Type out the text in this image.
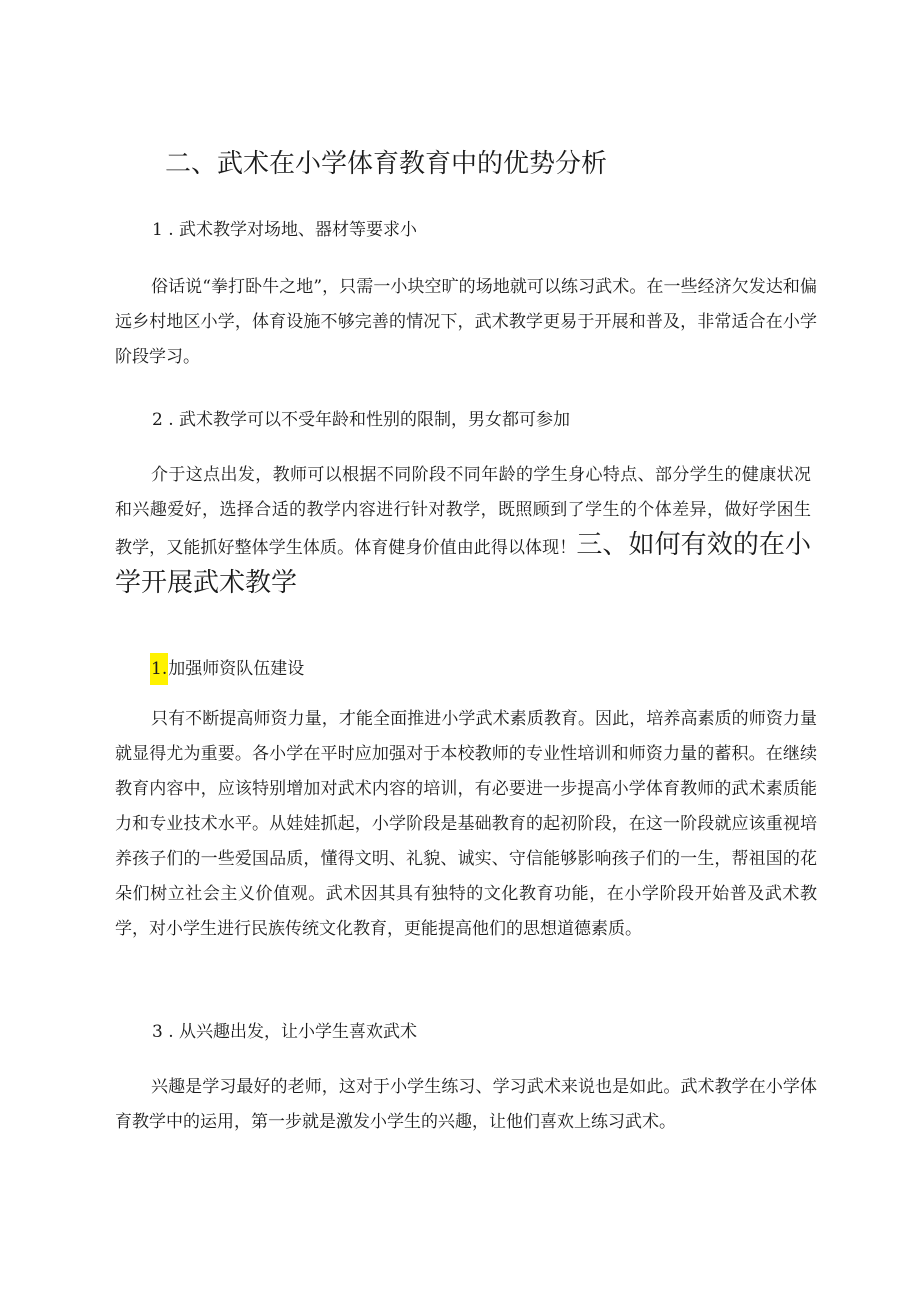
二、武术在小学体育教育中的优势分析

1 . 武术教学对场地、器材等要求小

俗话说“拳打卧牛之地”，只需一小块空旷的场地就可以练习武术。在一些经济欠发达和偏远乡村地区小学，体育设施不够完善的情况下，武术教学更易于开展和普及，非常适合在小学阶段学习。

2 . 武术教学可以不受年龄和性别的限制，男女都可参加

介于这点出发，教师可以根据不同阶段不同年龄的学生身心特点、部分学生的健康状况和兴趣爱好，选择合适的教学内容进行针对教学，既照顾到了学生的个体差异，做好学困生教学，又能抓好整体学生体质。体育健身价值由此得以体现！三、如何有效的在小学开展武术教学

1.加强师资队伍建设

只有不断提高师资力量，才能全面推进小学武术素质教育。因此，培养高素质的师资力量就显得尤为重要。各小学在平时应加强对于本校教师的专业性培训和师资力量的蓄积。在继续教育内容中，应该特别增加对武术内容的培训，有必要进一步提高小学体育教师的武术素质能力和专业技术水平。从娃娃抓起，小学阶段是基础教育的起初阶段，在这一阶段就应该重视培养孩子们的一些爱国品质，懂得文明、礼貌、诚实、守信能够影响孩子们的一生，帮祖国的花朵们树立社会主义价值观。武术因其具有独特的文化教育功能，在小学阶段开始普及武术教学，对小学生进行民族传统文化教育，更能提高他们的思想道德素质。

3 . 从兴趣出发，让小学生喜欢武术

兴趣是学习最好的老师，这对于小学生练习、学习武术来说也是如此。武术教学在小学体育教学中的运用，第一步就是激发小学生的兴趣，让他们喜欢上练习武术。
